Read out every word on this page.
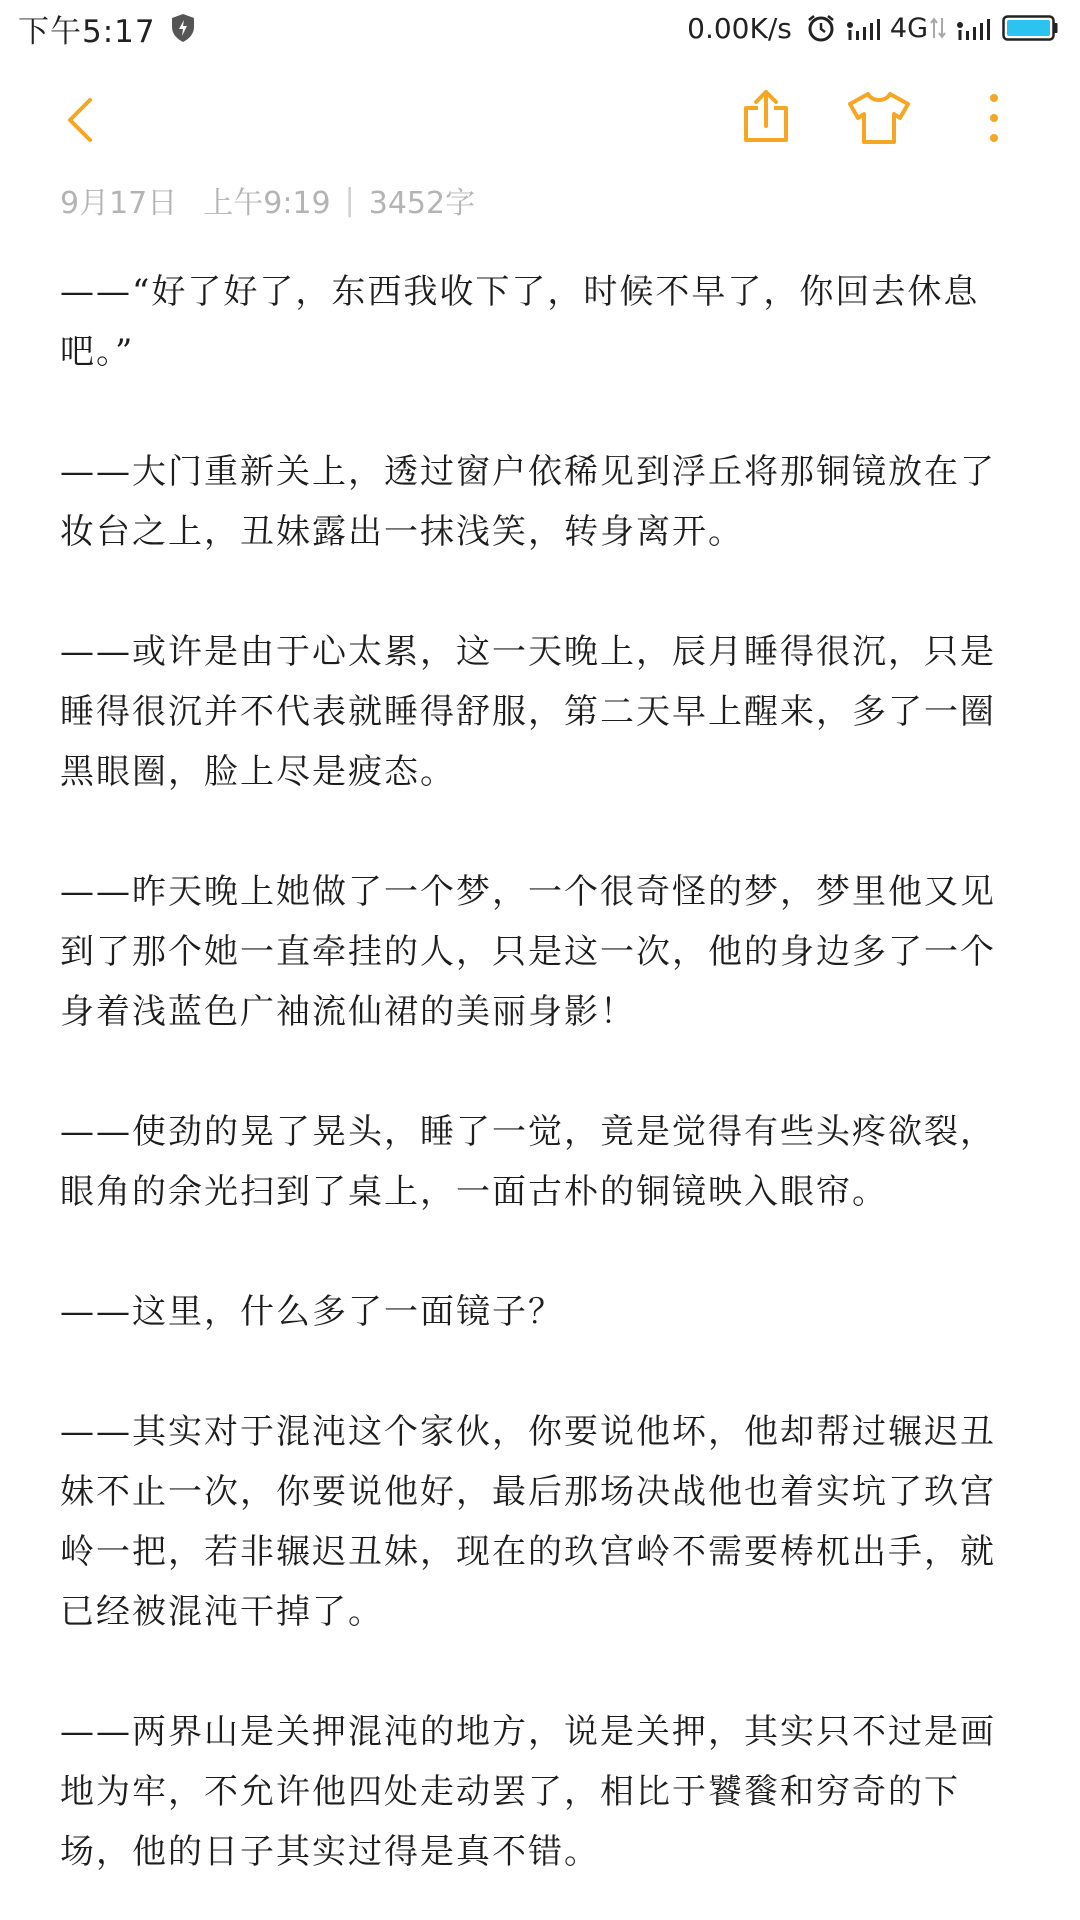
下午5:17	0.00K/s	4G
9月17日 上午9:19 | 3452字

——“好了好了，东西我收下了，时候不早了，你回去休息吧。”

——大门重新关上，透过窗户依稀见到浮丘将那铜镜放在了妆台之上，丑妹露出一抹浅笑，转身离开。

——或许是由于心太累，这一天晚上，辰月睡得很沉，只是睡得很沉并不代表就睡得舒服，第二天早上醒来，多了一圈黑眼圈，脸上尽是疲态。

——昨天晚上她做了一个梦，一个很奇怪的梦，梦里他又见到了那个她一直牵挂的人，只是这一次，他的身边多了一个身着浅蓝色广袖流仙裙的美丽身影！

——使劲的晃了晃头，睡了一觉，竟是觉得有些头疼欲裂，眼角的余光扫到了桌上，一面古朴的铜镜映入眼帘。

——这里，什么多了一面镜子？

——其实对于混沌这个家伙，你要说他坏，他却帮过辗迟丑妹不止一次，你要说他好，最后那场决战他也着实坑了玖宫岭一把，若非辗迟丑妹，现在的玖宫岭不需要梼杌出手，就已经被混沌干掉了。

——两界山是关押混沌的地方，说是关押，其实只不过是画地为牢，不允许他四处走动罢了，相比于饕餮和穷奇的下场，他的日子其实过得是真不错。
